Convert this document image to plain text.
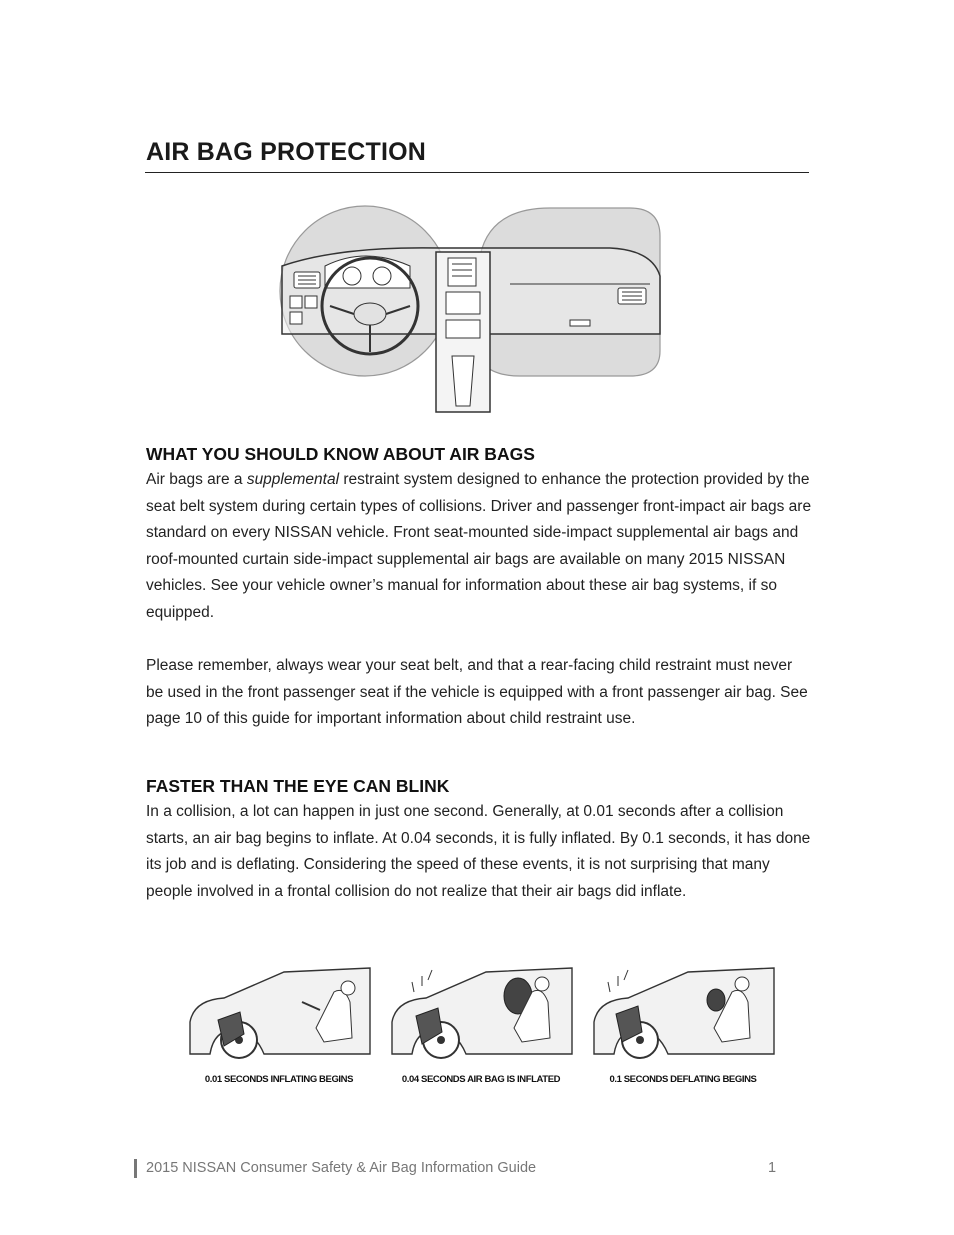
AIR BAG PROTECTION
WHAT YOU SHOULD KNOW ABOUT AIR BAGS

Air bags are a supplemental restraint system designed to enhance the protection provided by the seat belt system during certain types of collisions. Driver and passenger front-impact air bags are standard on every NISSAN vehicle. Front seat-mounted side-impact supplemental air bags and roof-mounted curtain side-impact supplemental air bags are available on many 2015 NISSAN vehicles. See your vehicle owner’s manual for information about these air bag systems, if so equipped.

Please remember, always wear your seat belt, and that a rear-facing child restraint must never be used in the front passenger seat if the vehicle is equipped with a front passenger air bag. See page 10 of this guide for important information about child restraint use.

FASTER THAN THE EYE CAN BLINK

In a collision, a lot can happen in just one second. Generally, at 0.01 seconds after a collision starts, an air bag begins to inflate. At 0.04 seconds, it is fully inflated. By 0.1 seconds, it has done its job and is deflating. Considering the speed of these events, it is not surprising that many people involved in a frontal collision do not realize that their air bags did inflate.

0.01 SECONDS INFLATING BEGINS	0.04 SECONDS AIR BAG IS INFLATED	0.1 SECONDS DEFLATING BEGINS
2015 NISSAN Consumer Safety & Air Bag Information Guide	1
